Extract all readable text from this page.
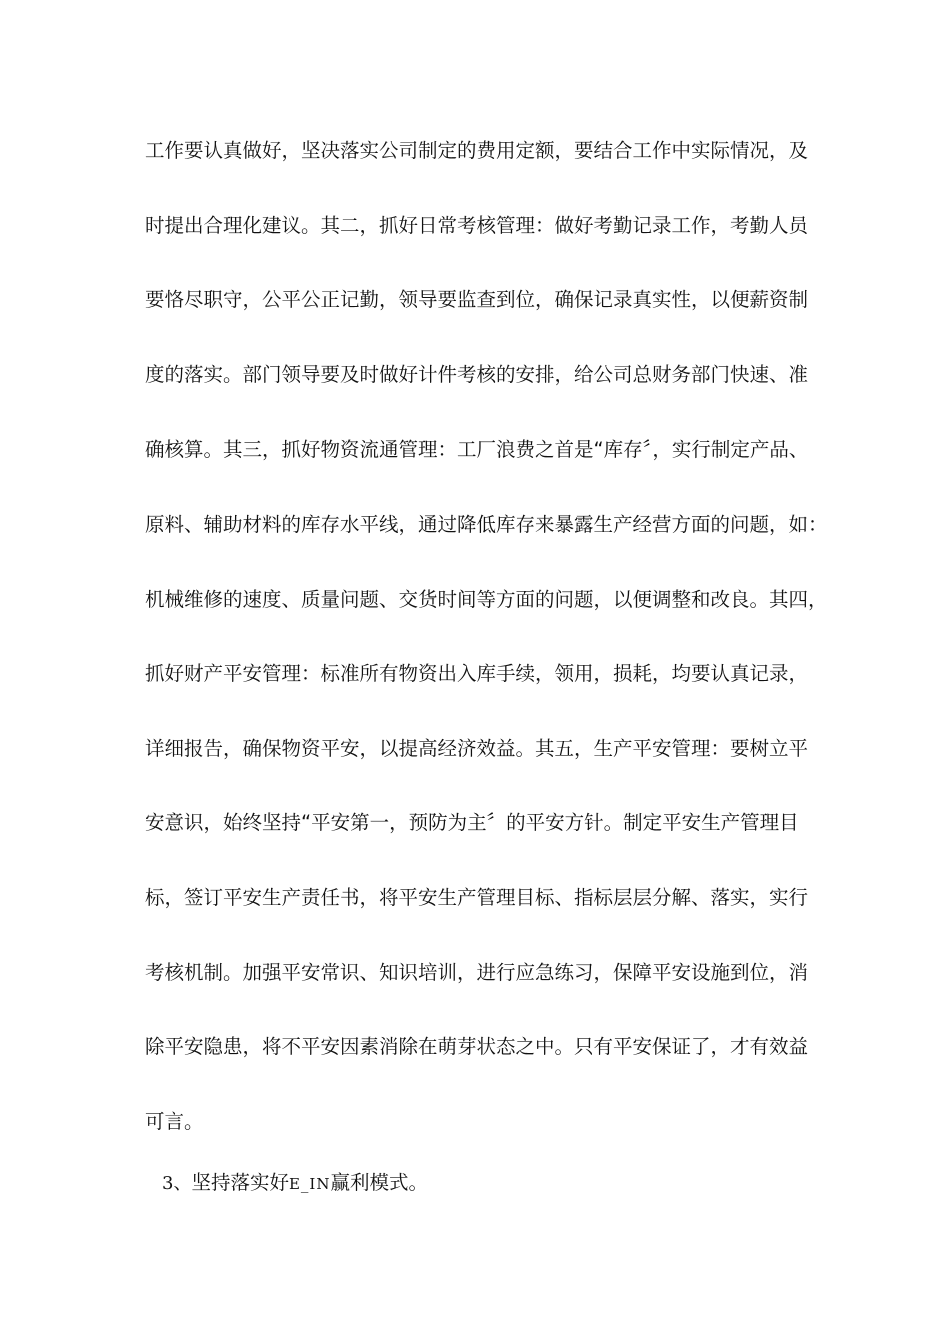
工作要认真做好，坚决落实公司制定的费用定额，要结合工作中实际情况，及
时提出合理化建议。其二，抓好日常考核管理：做好考勤记录工作，考勤人员
要恪尽职守，公平公正记勤，领导要监查到位，确保记录真实性，以便薪资制
度的落实。部门领导要及时做好计件考核的安排，给公司总财务部门快速、准
确核算。其三，抓好物资流通管理：工厂浪费之首是“库存〞，实行制定产品、
原料、辅助材料的库存水平线，通过降低库存来暴露生产经营方面的问题，如：
机械维修的速度、质量问题、交货时间等方面的问题，以便调整和改良。其四，
抓好财产平安管理：标准所有物资出入库手续，领用，损耗，均要认真记录，
详细报告，确保物资平安，以提高经济效益。其五，生产平安管理：要树立平
安意识，始终坚持“平安第一，预防为主〞的平安方针。制定平安生产管理目
标，签订平安生产责任书，将平安生产管理目标、指标层层分解、落实，实行
考核机制。加强平安常识、知识培训，进行应急练习，保障平安设施到位，消
除平安隐患，将不平安因素消除在萌芽状态之中。只有平安保证了，才有效益
可言。
3、坚持落实好E_IN赢利模式。
